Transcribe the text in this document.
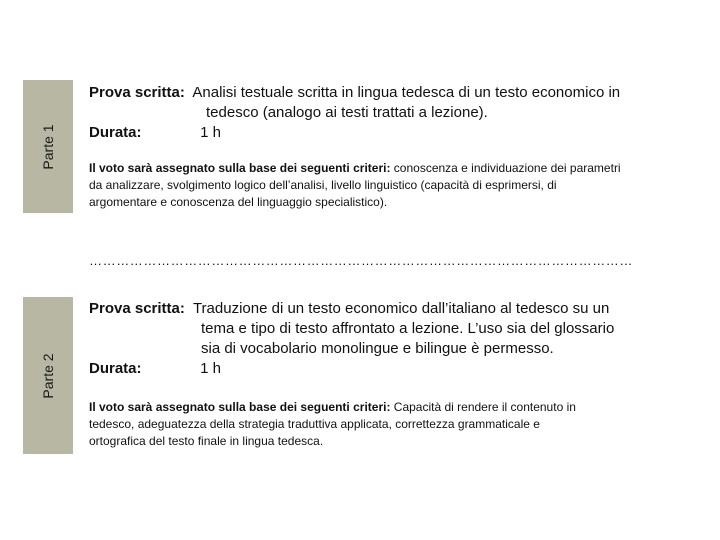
Parte 1
Parte 2
Prova scritta: Analisi testuale scritta in lingua tedesca di un testo economico in
tedesco (analogo ai testi trattati a lezione).
Durata:	1 h
Il voto sarà assegnato sulla base dei seguenti criteri: conoscenza e individuazione dei parametri
da analizzare, svolgimento logico dell’analisi, livello linguistico (capacità di esprimersi, di
argomentare e conoscenza del linguaggio specialistico).
…………………………………………………………………………………………………………
Prova scritta: Traduzione di un testo economico dall’italiano al tedesco su un
tema e tipo di testo affrontato a lezione. L’uso sia del glossario
sia di vocabolario monolingue e bilingue è permesso.
Durata:	1 h
Il voto sarà assegnato sulla base dei seguenti criteri: Capacità di rendere il contenuto in
tedesco, adeguatezza della strategia traduttiva applicata, correttezza grammaticale e
ortografica del testo finale in lingua tedesca.
